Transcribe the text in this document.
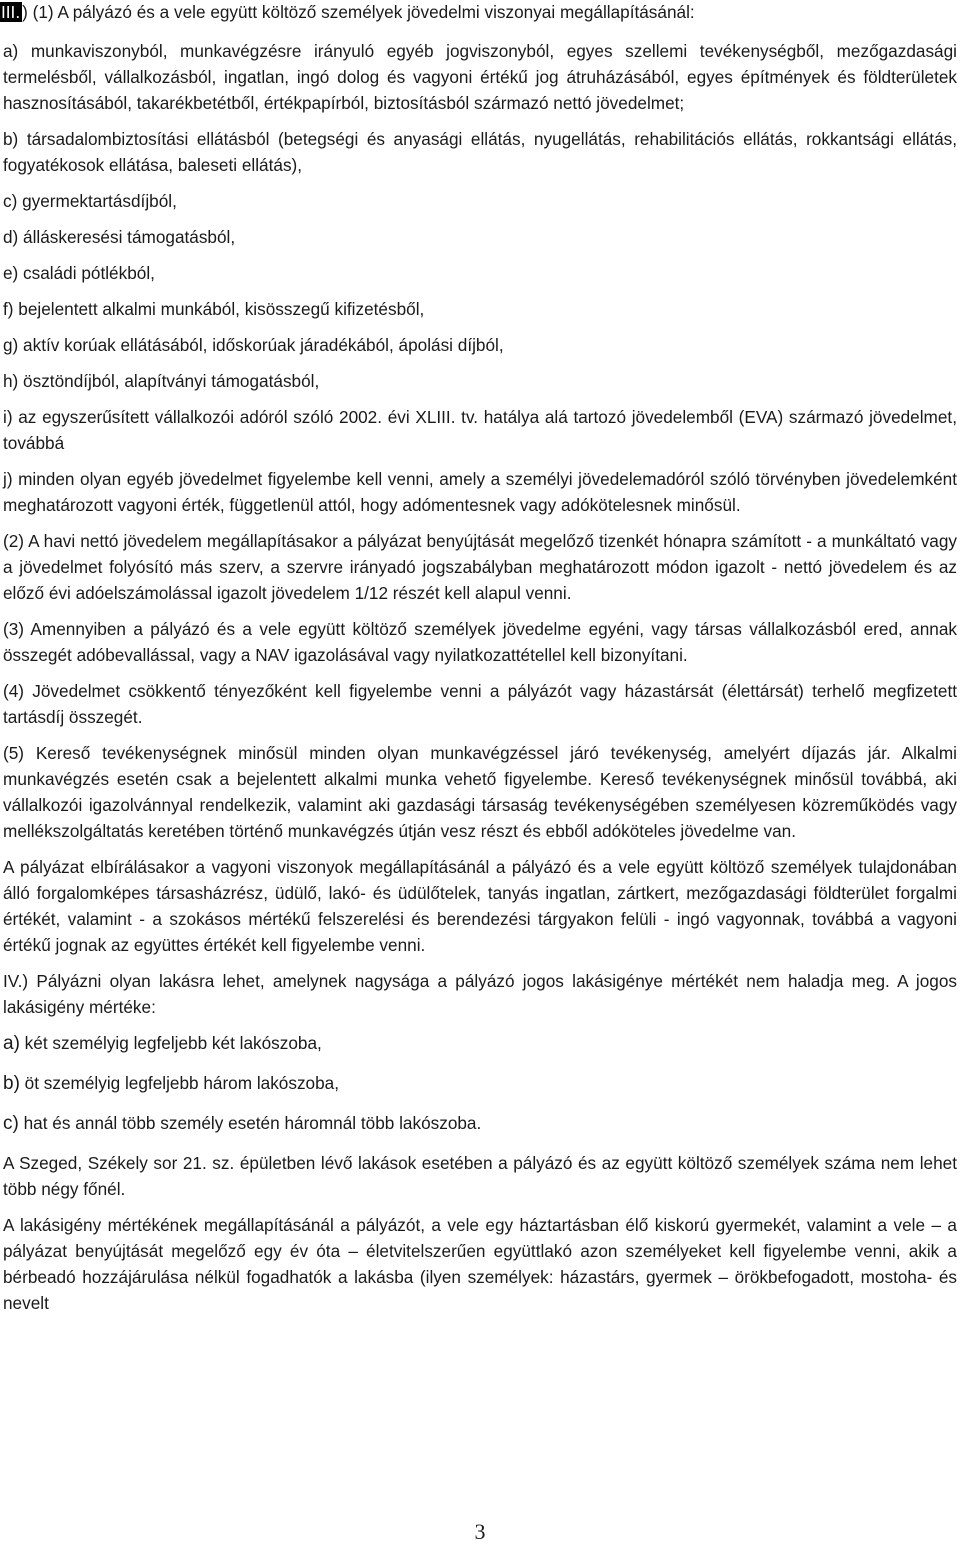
III. ) (1) A pályázó és a vele együtt költöző személyek jövedelmi viszonyai megállapításánál:
a) munkaviszonyból, munkavégzésre irányuló egyéb jogviszonyból, egyes szellemi tevékenységből, mezőgazdasági termelésből, vállalkozásból, ingatlan, ingó dolog és vagyoni értékű jog átruházásából, egyes építmények és földterületek hasznosításából, takarékbetétből, értékpapírból, biztosításból származó nettó jövedelmet;
b) társadalombiztosítási ellátásból (betegségi és anyasági ellátás, nyugellátás, rehabilitációs ellátás, rokkantsági ellátás, fogyatékosok ellátása, baleseti ellátás),
c) gyermektartásdíjból,
d) álláskeresési támogatásból,
e) családi pótlékból,
f) bejelentett alkalmi munkából, kisösszegű kifizetésből,
g) aktív korúak ellátásából, időskorúak járadékából, ápolási díjból,
h) ösztöndíjból, alapítványi támogatásból,
i) az egyszerűsített vállalkozói adóról szóló 2002. évi XLIII. tv. hatálya alá tartozó jövedelemből (EVA) származó jövedelmet, továbbá
j) minden olyan egyéb jövedelmet figyelembe kell venni, amely a személyi jövedelemadóról szóló törvényben jövedelemként meghatározott vagyoni érték, függetlenül attól, hogy adómentesnek vagy adókötelesnek minősül.
(2) A havi nettó jövedelem megállapításakor a pályázat benyújtását megelőző tizenkét hónapra számított - a munkáltató vagy a jövedelmet folyósító más szerv, a szervre irányadó jogszabályban meghatározott módon igazolt - nettó jövedelem és az előző évi adóelszámolással igazolt jövedelem 1/12 részét kell alapul venni.
(3) Amennyiben a pályázó és a vele együtt költöző személyek jövedelme egyéni, vagy társas vállalkozásból ered, annak összegét adóbevallással, vagy a NAV igazolásával vagy nyilatkozattétellel kell bizonyítani.
(4) Jövedelmet csökkentő tényezőként kell figyelembe venni a pályázót vagy házastársát (élettársát) terhelő megfizetett tartásdíj összegét.
(5) Kereső tevékenységnek minősül minden olyan munkavégzéssel járó tevékenység, amelyért díjazás jár. Alkalmi munkavégzés esetén csak a bejelentett alkalmi munka vehető figyelembe. Kereső tevékenységnek minősül továbbá, aki vállalkozói igazolvánnyal rendelkezik, valamint aki gazdasági társaság tevékenységében személyesen közreműködés vagy mellékszolgáltatás keretében történő munkavégzés útján vesz részt és ebből adóköteles jövedelme van.
A pályázat elbírálásakor a vagyoni viszonyok megállapításánál a pályázó és a vele együtt költöző személyek tulajdonában álló forgalomképes társasházrész, üdülő, lakó- és üdülőtelek, tanyás ingatlan, zártkert, mezőgazdasági földterület forgalmi értékét, valamint - a szokásos mértékű felszerelési és berendezési tárgyakon felüli - ingó vagyonnak, továbbá a vagyoni értékű jognak az együttes értékét kell figyelembe venni.
IV.) Pályázni olyan lakásra lehet, amelynek nagysága a pályázó jogos lakásigénye mértékét nem haladja meg. A jogos lakásigény mértéke:
a) két személyig legfeljebb két lakószoba,
b) öt személyig legfeljebb három lakószoba,
c) hat és annál több személy esetén háromnál több lakószoba.
A Szeged, Székely sor 21. sz. épületben lévő lakások esetében a pályázó és az együtt költöző személyek száma nem lehet több négy főnél.
A lakásigény mértékének megállapításánál a pályázót, a vele egy háztartásban élő kiskorú gyermekét, valamint a vele – a pályázat benyújtását megelőző egy év óta – életvitelszerűen együttlakó azon személyeket kell figyelembe venni, akik a bérbeadó hozzájárulása nélkül fogadhatók a lakásba (ilyen személyek: házastárs, gyermek – örökbefogadott, mostoha- és nevelt
3
